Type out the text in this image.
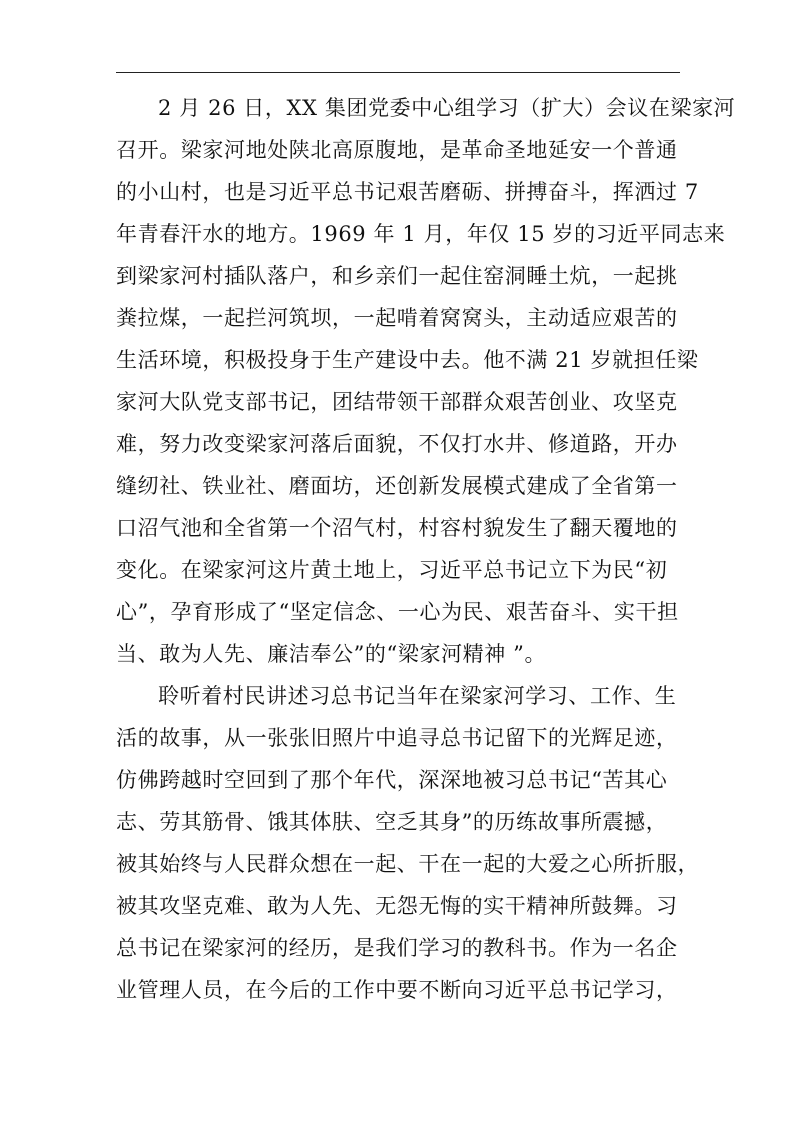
2 月 26 日，XX 集团党委中心组学习（扩大）会议在梁家河
召开。梁家河地处陕北高原腹地，是革命圣地延安一个普通
的小山村，也是习近平总书记艰苦磨砺、拼搏奋斗，挥洒过 7
年青春汗水的地方。1969 年 1 月，年仅 15 岁的习近平同志来
到梁家河村插队落户，和乡亲们一起住窑洞睡土炕，一起挑
粪拉煤，一起拦河筑坝，一起啃着窝窝头，主动适应艰苦的
生活环境，积极投身于生产建设中去。他不满 21 岁就担任梁
家河大队党支部书记，团结带领干部群众艰苦创业、攻坚克
难，努力改变梁家河落后面貌，不仅打水井、修道路，开办
缝纫社、铁业社、磨面坊，还创新发展模式建成了全省第一
口沼气池和全省第一个沼气村，村容村貌发生了翻天覆地的
变化。在梁家河这片黄土地上，习近平总书记立下为民“初
心”，孕育形成了“坚定信念、一心为民、艰苦奋斗、实干担
当、敢为人先、廉洁奉公”的“梁家河精神 ”。
聆听着村民讲述习总书记当年在梁家河学习、工作、生
活的故事，从一张张旧照片中追寻总书记留下的光辉足迹，
仿佛跨越时空回到了那个年代，深深地被习总书记“苦其心
志、劳其筋骨、饿其体肤、空乏其身”的历练故事所震撼，
被其始终与人民群众想在一起、干在一起的大爱之心所折服，
被其攻坚克难、敢为人先、无怨无悔的实干精神所鼓舞。习
总书记在梁家河的经历，是我们学习的教科书。作为一名企
业管理人员，在今后的工作中要不断向习近平总书记学习，
